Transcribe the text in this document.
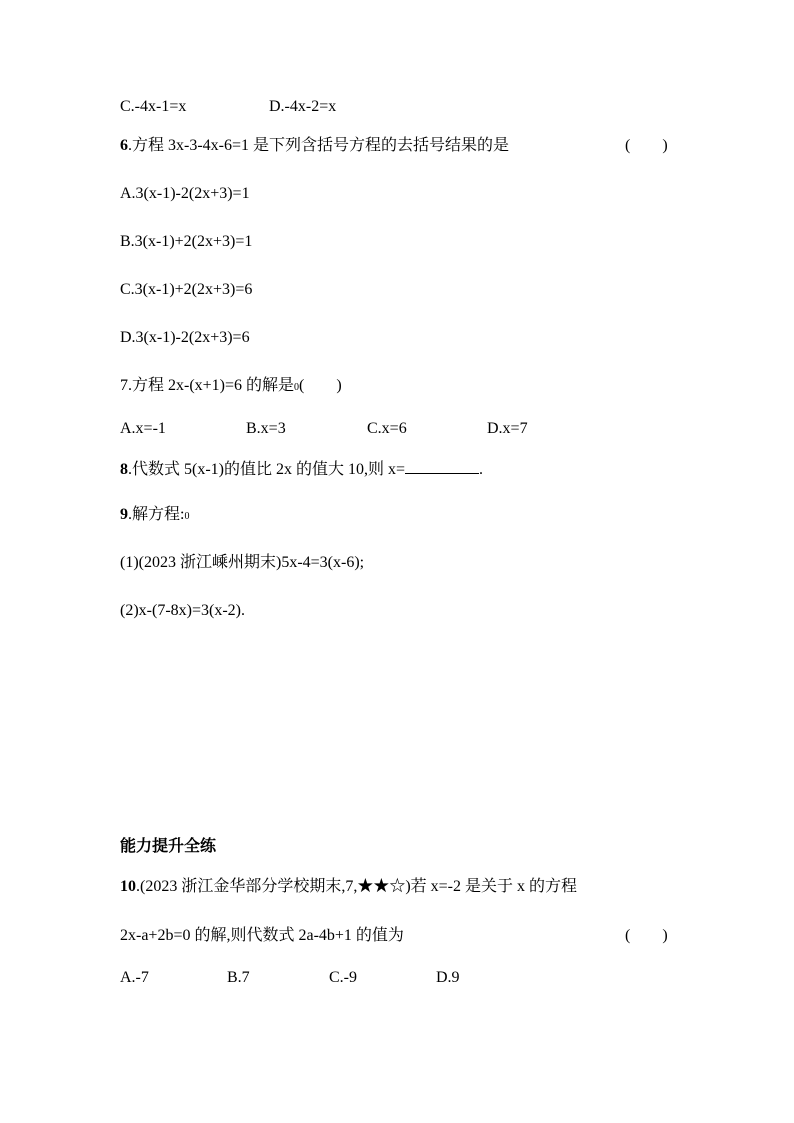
C.-4x-1=x	D.-4x-2=x
6.方程 3x-3-4x-6=1 是下列含括号方程的去括号结果的是	(　　)
A.3(x-1)-2(2x+3)=1
B.3(x-1)+2(2x+3)=1
C.3(x-1)+2(2x+3)=6
D.3(x-1)-2(2x+3)=6
7.方程 2x-(x+1)=6 的解是0(　　)
A.x=-1	B.x=3	C.x=6	D.x=7
8.代数式 5(x-1)的值比 2x 的值大 10,则 x=	.
9.解方程:0
(1)(2023 浙江嵊州期末)5x-4=3(x-6);
(2)x-(7-8x)=3(x-2).
能力提升全练
10.(2023 浙江金华部分学校期末,7,★★☆)若 x=-2 是关于 x 的方程
2x-a+2b=0 的解,则代数式 2a-4b+1 的值为	(　　)
A.-7	B.7	C.-9	D.9
